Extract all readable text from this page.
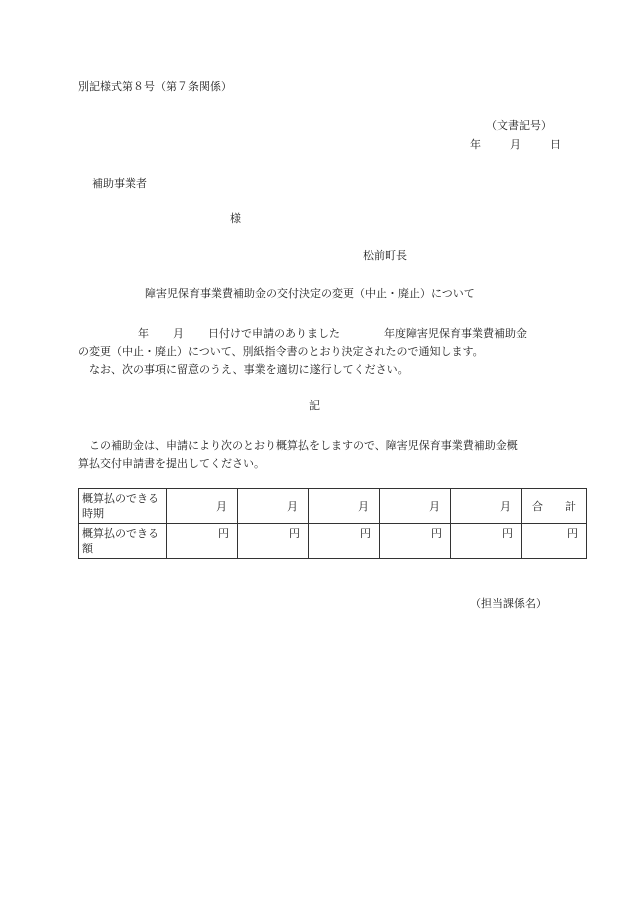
別記様式第８号（第７条関係）
（文書記号）
年	月	日
補助事業者
様
松前町長
障害児保育事業費補助金の交付決定の変更（中止・廃止）について

年 月 日付けで申請のありました	年度障害児保育事業費補助金

の変更（中止・廃止）について、別紙指令書のとおり決定されたので通知します。

なお、次の事項に留意のうえ、事業を適切に遂行してください。

記

この補助金は、申請により次のとおり概算払をしますので、障害児保育事業費補助金概

算払交付申請書を提出してください。

概算払のできる時期	月	月	月	月	月	合　　計
概算払のできる額	円	円	円	円	円	円
（担当課係名）
